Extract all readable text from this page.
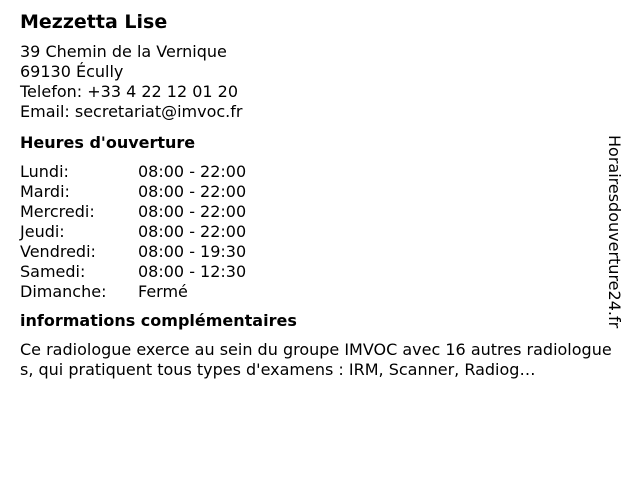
Mezzetta Lise
39 Chemin de la Vernique
69130 Écully
Telefon: +33 4 22 12 01 20
Email: secretariat@imvoc.fr
Heures d'ouverture
Lundi:	08:00 - 22:00
Mardi:	08:00 - 22:00
Mercredi:	08:00 - 22:00
Jeudi:	08:00 - 22:00
Vendredi:	08:00 - 19:30
Samedi:	08:00 - 12:30
Dimanche:	Fermé
informations complémentaires
Ce radiologue exerce au sein du groupe IMVOC avec 16 autres radiologues, qui pratiquent tous types d'examens : IRM, Scanner, Radiog…
Horairesdouverture24.fr
